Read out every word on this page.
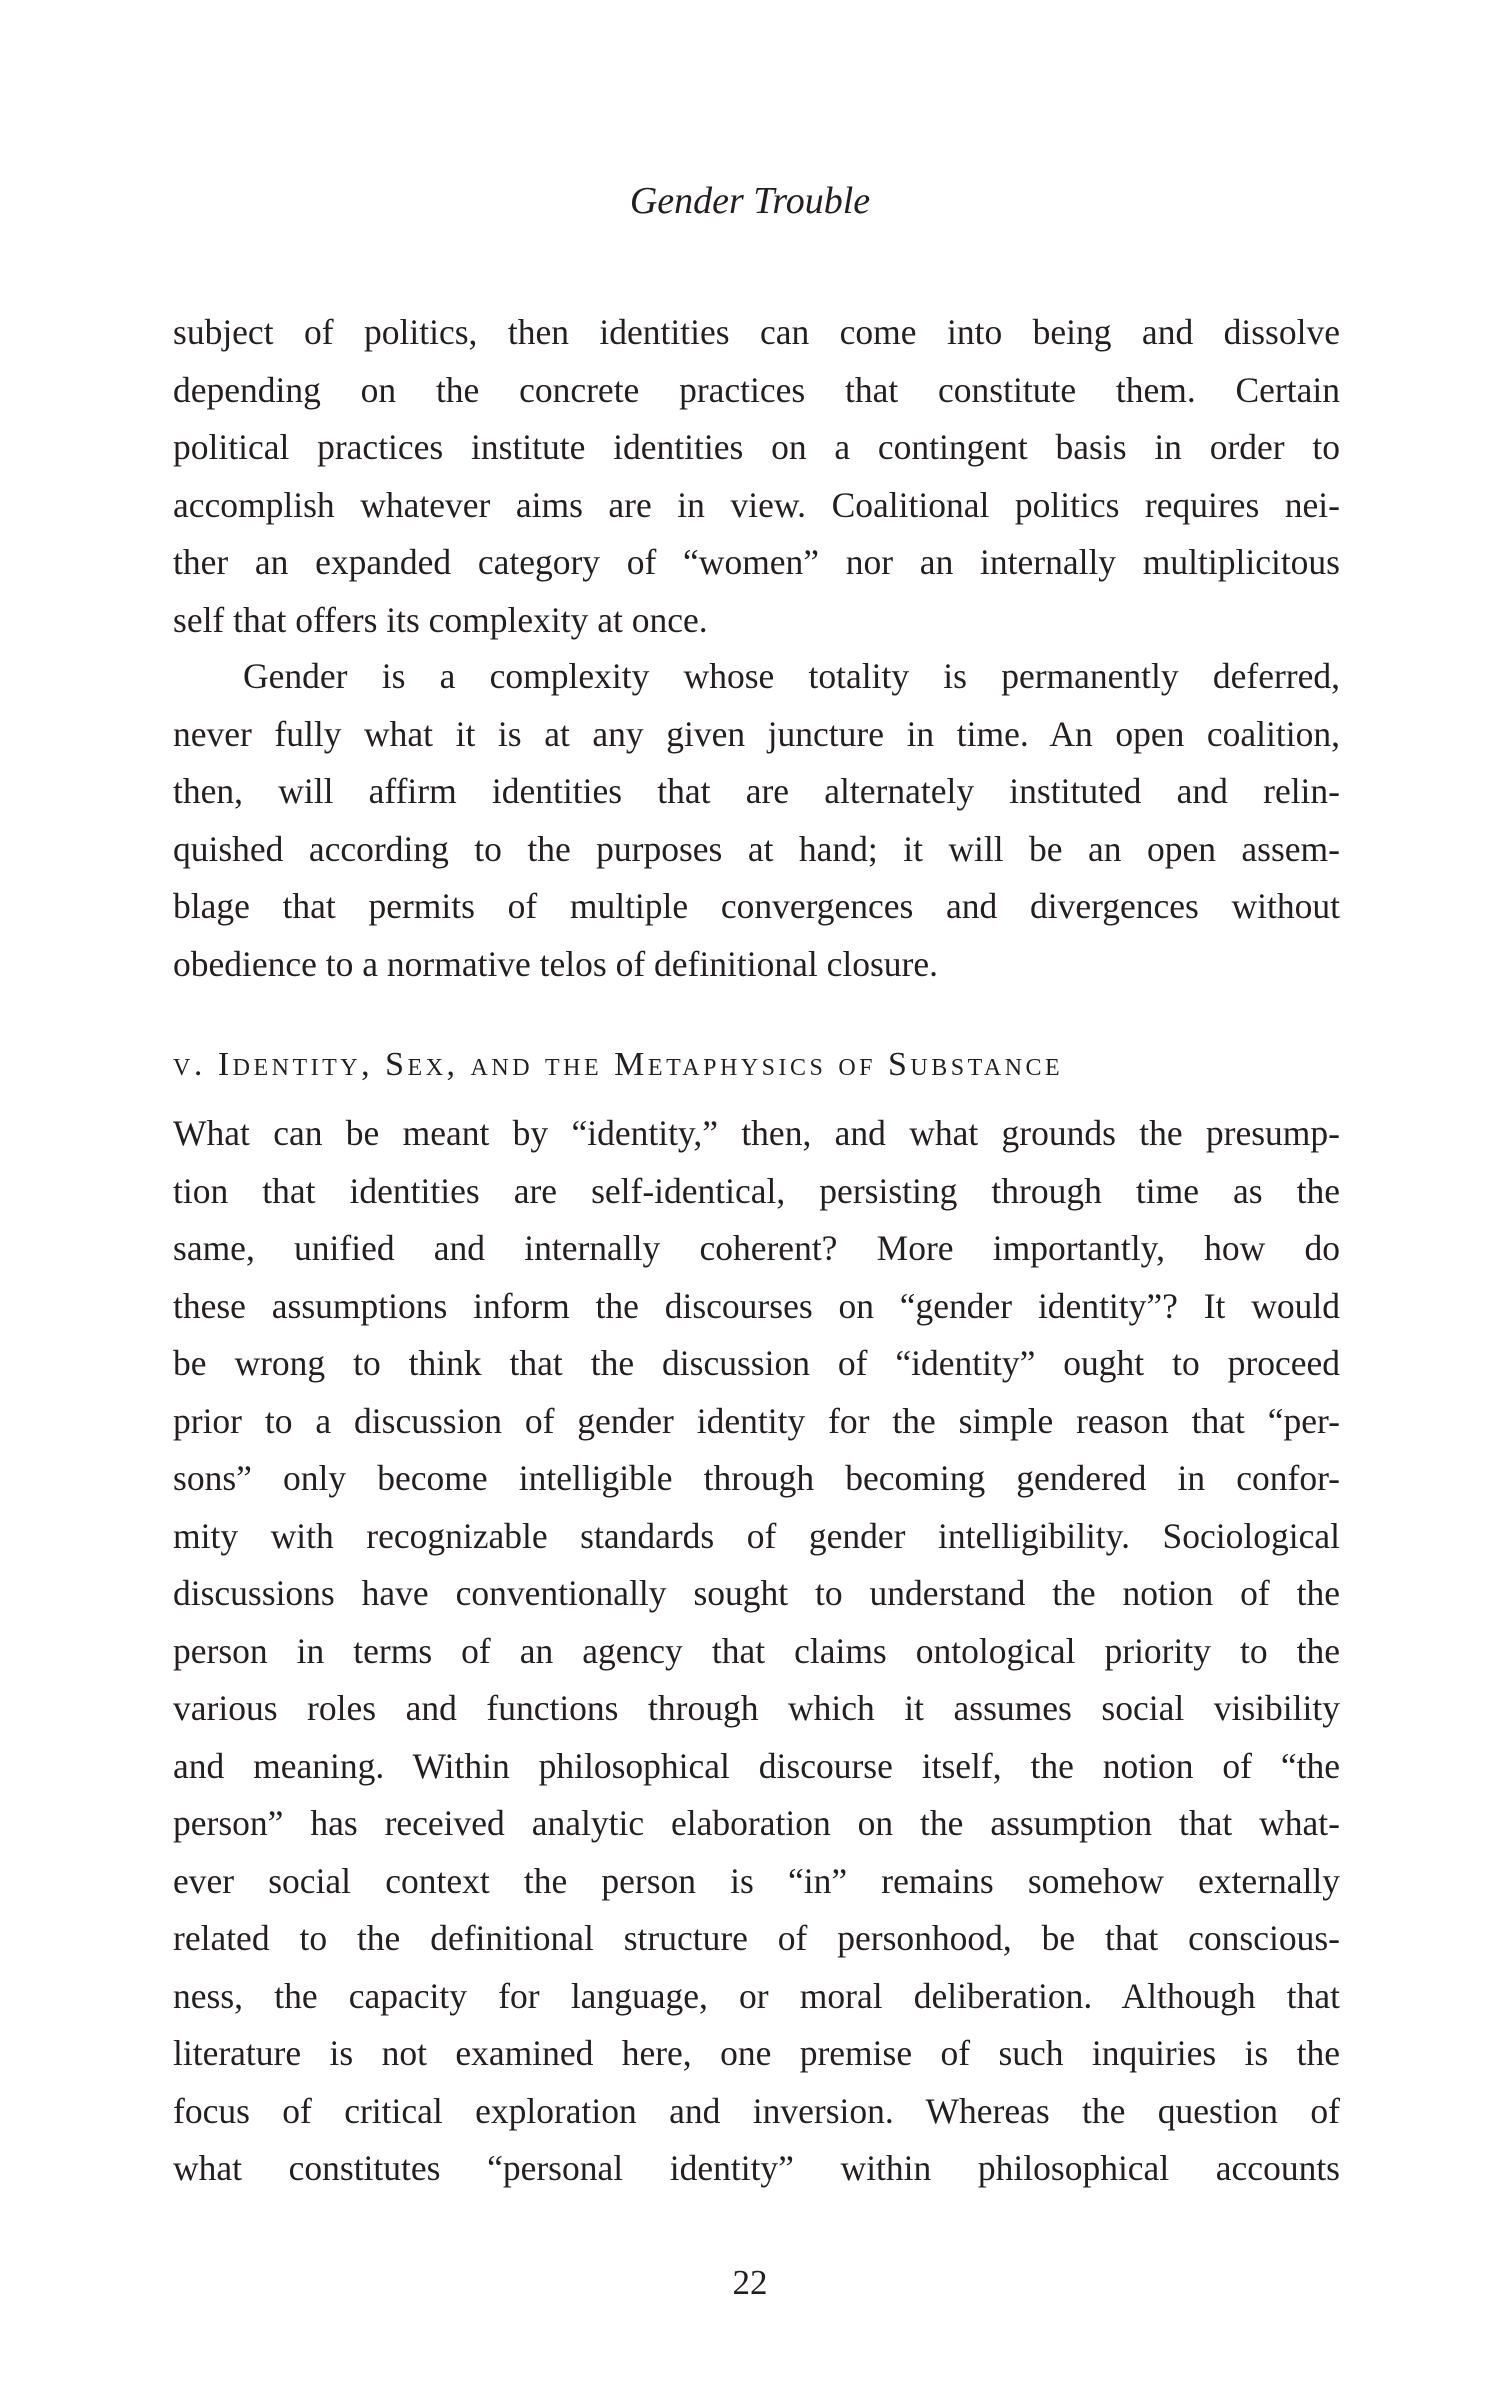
Gender Trouble
subject of politics, then identities can come into being and dissolve
depending on the concrete practices that constitute them. Certain
political practices institute identities on a contingent basis in order to
accomplish whatever aims are in view. Coalitional politics requires nei-
ther an expanded category of “women” nor an internally multiplicitous
self that offers its complexity at once.
Gender is a complexity whose totality is permanently deferred,
never fully what it is at any given juncture in time. An open coalition,
then, will affirm identities that are alternately instituted and relin-
quished according to the purposes at hand; it will be an open assem-
blage that permits of multiple convergences and divergences without
obedience to a normative telos of definitional closure.
v. Identity, Sex, and the Metaphysics of Substance
What can be meant by “identity,” then, and what grounds the presump-
tion that identities are self-identical, persisting through time as the
same, unified and internally coherent? More importantly, how do
these assumptions inform the discourses on “gender identity”? It would
be wrong to think that the discussion of “identity” ought to proceed
prior to a discussion of gender identity for the simple reason that “per-
sons” only become intelligible through becoming gendered in confor-
mity with recognizable standards of gender intelligibility. Sociological
discussions have conventionally sought to understand the notion of the
person in terms of an agency that claims ontological priority to the
various roles and functions through which it assumes social visibility
and meaning. Within philosophical discourse itself, the notion of “the
person” has received analytic elaboration on the assumption that what-
ever social context the person is “in” remains somehow externally
related to the definitional structure of personhood, be that conscious-
ness, the capacity for language, or moral deliberation. Although that
literature is not examined here, one premise of such inquiries is the
focus of critical exploration and inversion. Whereas the question of
what constitutes “personal identity” within philosophical accounts
22
